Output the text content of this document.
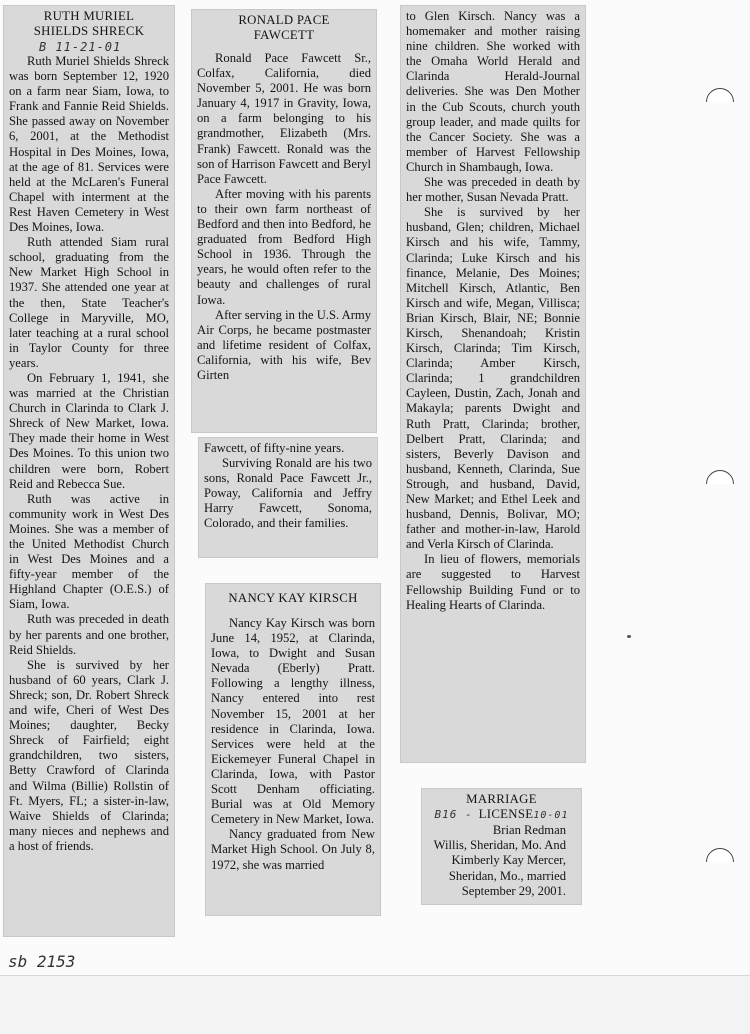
RUTH MURIEL
SHIELDS SHRECK
B 11-21-01

Ruth Muriel Shields Shreck was born September 12, 1920 on a farm near Siam, Iowa, to Frank and Fannie Reid Shields. She passed away on November 6, 2001, at the Methodist Hospital in Des Moines, Iowa, at the age of 81. Services were held at the McLaren's Funeral Chapel with interment at the Rest Haven Cemetery in West Des Moines, Iowa.

Ruth attended Siam rural school, graduating from the New Market High School in 1937. She attended one year at the then, State Teacher's College in Maryville, MO, later teaching at a rural school in Taylor County for three years.

On February 1, 1941, she was married at the Christian Church in Clarinda to Clark J. Shreck of New Market, Iowa. They made their home in West Des Moines. To this union two children were born, Robert Reid and Rebecca Sue.

Ruth was active in community work in West Des Moines. She was a member of the United Methodist Church in West Des Moines and a fifty-year member of the Highland Chapter (O.E.S.) of Siam, Iowa.

Ruth was preceded in death by her parents and one brother, Reid Shields.

She is survived by her husband of 60 years, Clark J. Shreck; son, Dr. Robert Shreck and wife, Cheri of West Des Moines; daughter, Becky Shreck of Fairfield; eight grandchildren, two sisters, Betty Crawford of Clarinda and Wilma (Billie) Rollstin of Ft. Myers, FL; a sister-in-law, Waive Shields of Clarinda; many nieces and nephews and a host of friends.

RONALD PACE
FAWCETT

Ronald Pace Fawcett Sr., Colfax, California, died November 5, 2001. He was born January 4, 1917 in Gravity, Iowa, on a farm belonging to his grandmother, Elizabeth (Mrs. Frank) Fawcett. Ronald was the son of Harrison Fawcett and Beryl Pace Fawcett.

After moving with his parents to their own farm northeast of Bedford and then into Bedford, he graduated from Bedford High School in 1936. Through the years, he would often refer to the beauty and challenges of rural Iowa.

After serving in the U.S. Army Air Corps, he became postmaster and lifetime resident of Colfax, California, with his wife, Bev Girten

Fawcett, of fifty-nine years.

Surviving Ronald are his two sons, Ronald Pace Fawcett Jr., Poway, California and Jeffry Harry Fawcett, Sonoma, Colorado, and their families.

NANCY KAY KIRSCH

Nancy Kay Kirsch was born June 14, 1952, at Clarinda, Iowa, to Dwight and Susan Nevada (Eberly) Pratt. Following a lengthy illness, Nancy entered into rest November 15, 2001 at her residence in Clarinda, Iowa. Services were held at the Eickemeyer Funeral Chapel in Clarinda, Iowa, with Pastor Scott Denham officiating. Burial was at Old Memory Cemetery in New Market, Iowa.

Nancy graduated from New Market High School. On July 8, 1972, she was married

to Glen Kirsch. Nancy was a homemaker and mother raising nine children. She worked with the Omaha World Herald and Clarinda Herald-Journal deliveries. She was Den Mother in the Cub Scouts, church youth group leader, and made quilts for the Cancer Society. She was a member of Harvest Fellowship Church in Shambaugh, Iowa.

She was preceded in death by her mother, Susan Nevada Pratt.

She is survived by her husband, Glen; children, Michael Kirsch and his wife, Tammy, Clarinda; Luke Kirsch and his finance, Melanie, Des Moines; Mitchell Kirsch, Atlantic, Ben Kirsch and wife, Megan, Villisca; Brian Kirsch, Blair, NE; Bonnie Kirsch, Shenandoah; Kristin Kirsch, Clarinda; Tim Kirsch, Clarinda; Amber Kirsch, Clarinda; 1 grandchildren Cayleen, Dustin, Zach, Jonah and Makayla; parents Dwight and Ruth Pratt, Clarinda; brother, Delbert Pratt, Clarinda; and sisters, Beverly Davison and husband, Kenneth, Clarinda, Sue Strough, and husband, David, New Market; and Ethel Leek and husband, Dennis, Bolivar, MO; father and mother-in-law, Harold and Verla Kirsch of Clarinda.

In lieu of flowers, memorials are suggested to Harvest Fellowship Building Fund or to Healing Hearts of Clarinda.

MARRIAGE
B16 - LICENSE10-01
Brian Redman
Willis, Sheridan, Mo. And
Kimberly Kay Mercer,
Sheridan, Mo., married
September 29, 2001.
sb 2153
